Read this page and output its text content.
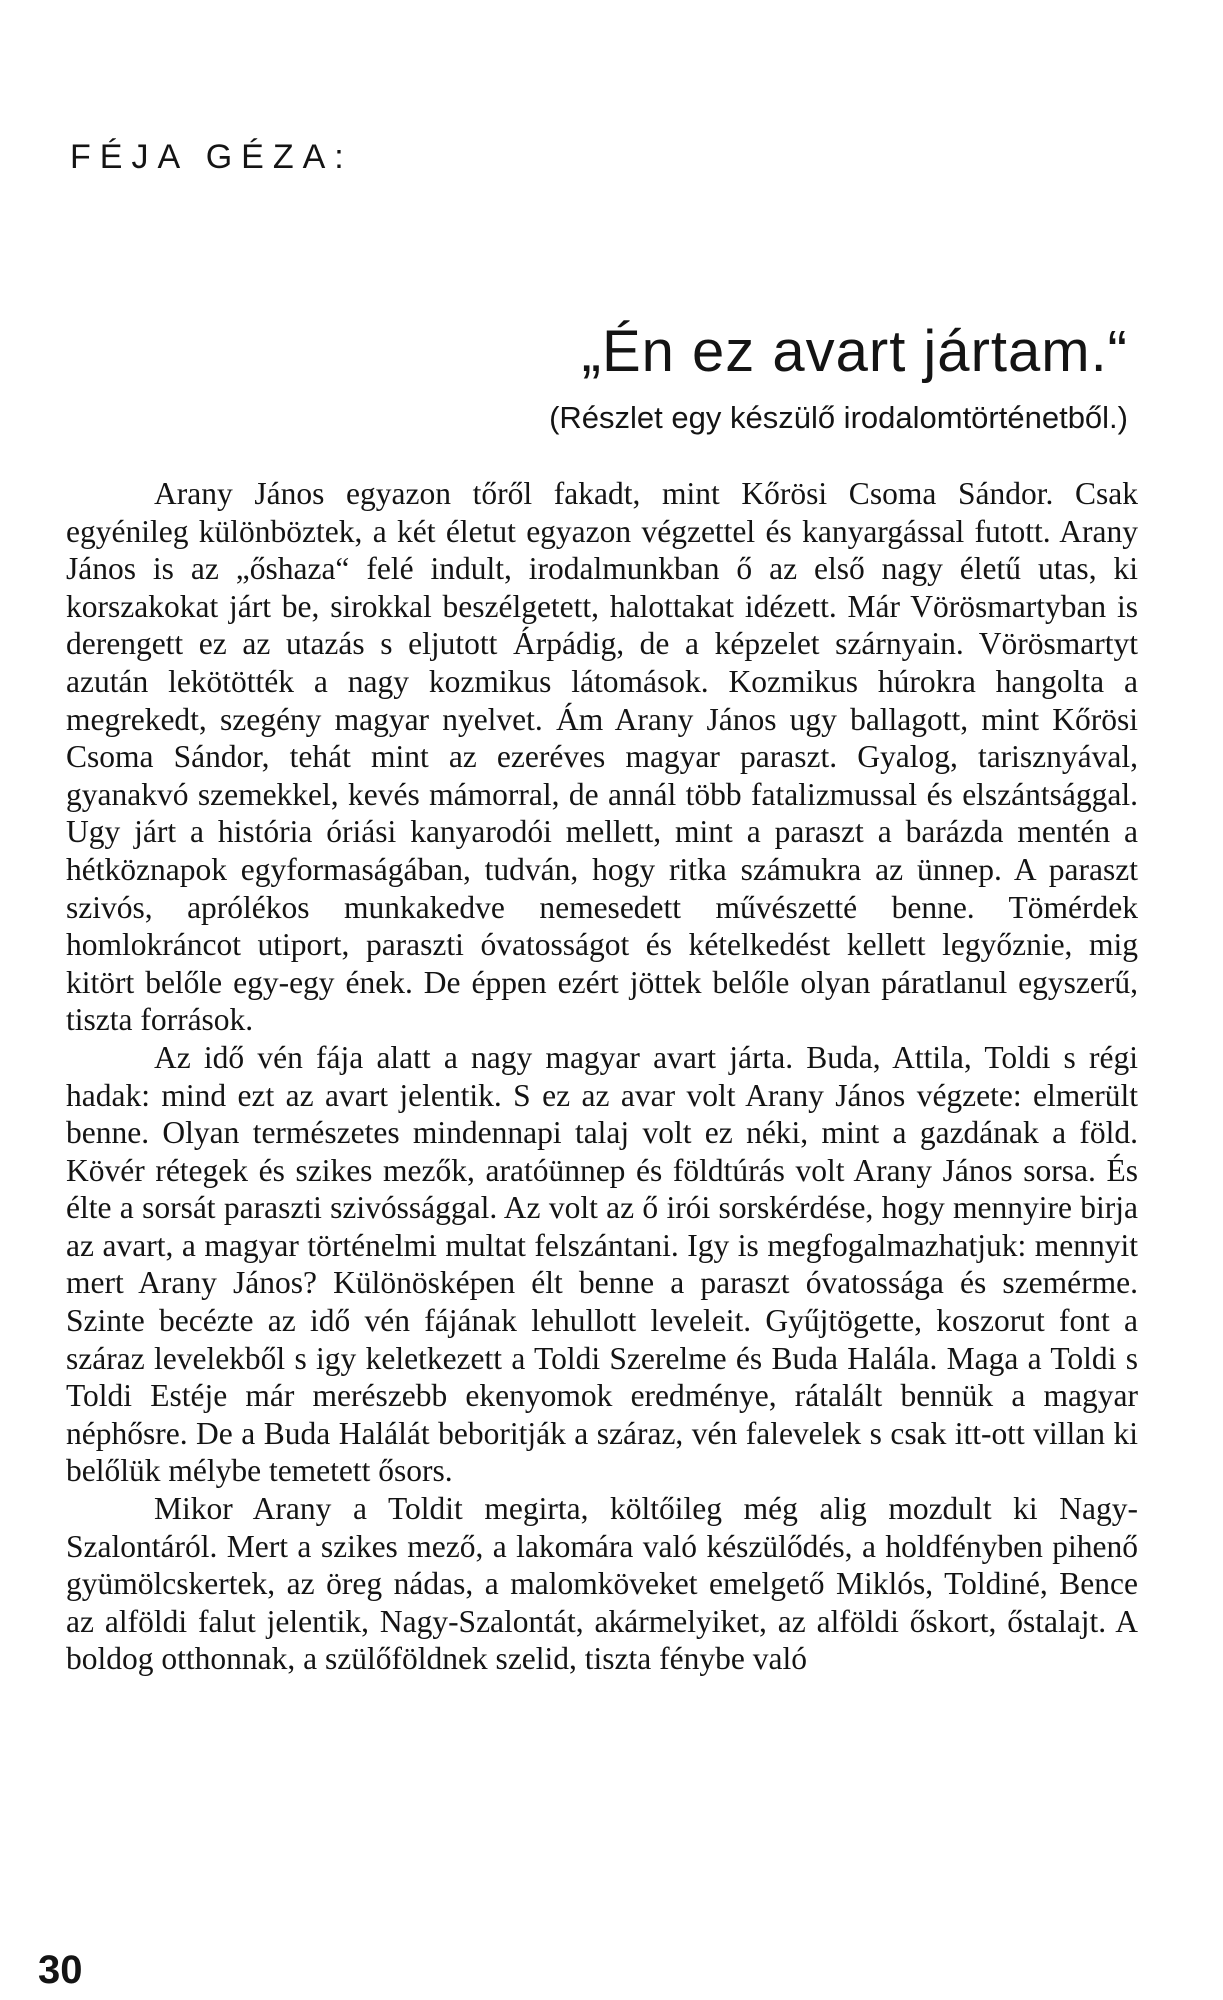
FÉJA GÉZA:
„Én ez avart jártam.“
(Részlet egy készülő irodalomtörténetből.)

Arany János egyazon tőről fakadt, mint Kőrösi Csoma Sándor. Csak egyénileg különböztek, a két életut egyazon végzettel és kanyargással futott. Arany János is az „őshaza“ felé indult, irodalmunkban ő az első nagy életű utas, ki korszakokat járt be, sirokkal beszélgetett, halottakat idézett. Már Vörösmartyban is derengett ez az utazás s eljutott Árpádig, de a képzelet szárnyain. Vörösmartyt azután lekötötték a nagy kozmikus látomások. Kozmikus húrokra hangolta a megrekedt, szegény magyar nyelvet. Ám Arany János ugy ballagott, mint Kőrösi Csoma Sándor, tehát mint az ezeréves magyar paraszt. Gyalog, tarisznyával, gyanakvó szemekkel, kevés mámorral, de annál több fatalizmussal és elszántsággal. Ugy járt a história óriási kanyarodói mellett, mint a paraszt a barázda mentén a hétköznapok egyformaságában, tudván, hogy ritka számukra az ünnep. A paraszt szivós, aprólékos munkakedve nemesedett művészetté benne. Tömérdek homlokráncot utiport, paraszti óvatosságot és kételkedést kellett legyőznie, mig kitört belőle egy-egy ének. De éppen ezért jöttek belőle olyan páratlanul egyszerű, tiszta források.

Az idő vén fája alatt a nagy magyar avart járta. Buda, Attila, Toldi s régi hadak: mind ezt az avart jelentik. S ez az avar volt Arany János végzete: elmerült benne. Olyan természetes mindennapi talaj volt ez néki, mint a gazdának a föld. Kövér rétegek és szikes mezők, aratóünnep és földtúrás volt Arany János sorsa. És élte a sorsát paraszti szivóssággal. Az volt az ő irói sorskérdése, hogy mennyire birja az avart, a magyar történelmi multat felszántani. Igy is megfogalmazhatjuk: mennyit mert Arany János? Különösképen élt benne a paraszt óvatossága és szemérme. Szinte becézte az idő vén fájának lehullott leveleit. Gyűjtögette, koszorut font a száraz levelekből s igy keletkezett a Toldi Szerelme és Buda Halála. Maga a Toldi s Toldi Estéje már merészebb ekenyomok eredménye, rátalált bennük a magyar néphősre. De a Buda Halálát beboritják a száraz, vén falevelek s csak itt-ott villan ki belőlük mélybe temetett ősors.

Mikor Arany a Toldit megirta, költőileg még alig mozdult ki Nagy-Szalontáról. Mert a szikes mező, a lakomára való készülődés, a holdfényben pihenő gyümölcskertek, az öreg nádas, a malomköveket emelgető Miklós, Toldiné, Bence az alföldi falut jelentik, Nagy-Szalontát, akármelyiket, az alföldi őskort, őstalajt. A boldog otthonnak, a szülőföldnek szelid, tiszta fénybe való

30
